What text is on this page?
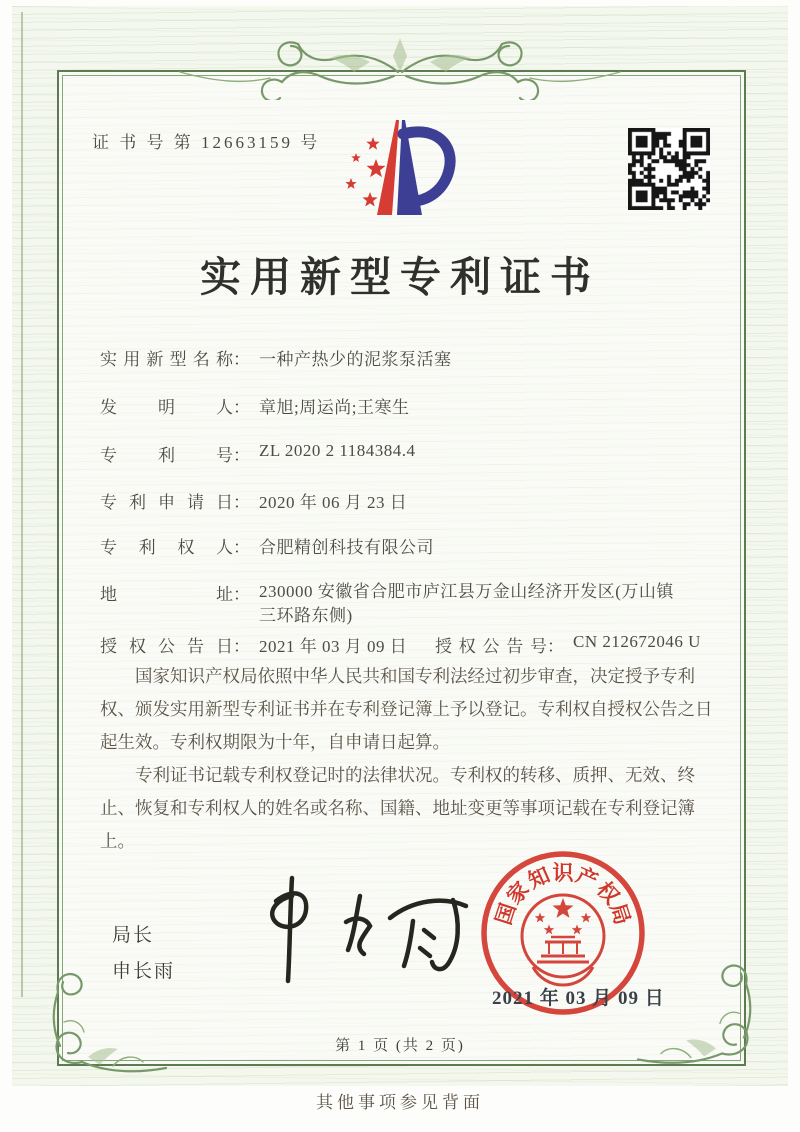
证 书 号 第 12663159 号
实用新型专利证书
实用新型名称： 一种产热少的泥浆泵活塞
发明人： 章旭;周运尚;王寒生
专利号： ZL 2020 2 1184384.4
专利申请日： 2020 年 06 月 23 日
专利权人： 合肥精创科技有限公司
地址： 230000 安徽省合肥市庐江县万金山经济开发区(万山镇三环路东侧)
授权公告日： 2021 年 03 月 09 日 授权公告号： CN 212672046 U

国家知识产权局依照中华人民共和国专利法经过初步审查，决定授予专利权、颁发实用新型专利证书并在专利登记簿上予以登记。专利权自授权公告之日起生效。专利权期限为十年，自申请日起算。

专利证书记载专利权登记时的法律状况。专利权的转移、质押、无效、终止、恢复和专利权人的姓名或名称、国籍、地址变更等事项记载在专利登记簿上。

局长
申长雨
国
家
知 识 产
权
局
2021 年 03 月 09 日
第 1 页 (共 2 页)
其他事项参见背面
